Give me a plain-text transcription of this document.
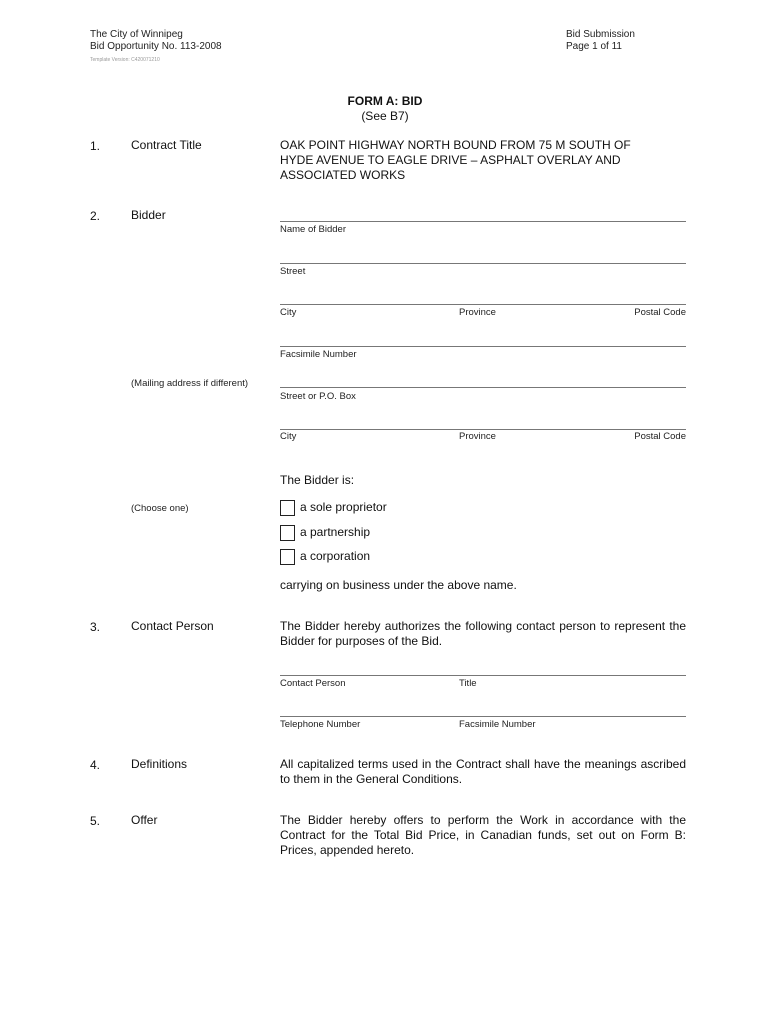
The City of Winnipeg
Bid Opportunity No. 113-2008
Template Version: C420071210
Bid Submission
Page 1 of 11
FORM A: BID
(See B7)
1.	Contract Title	OAK POINT HIGHWAY NORTH BOUND FROM 75 M SOUTH OF
HYDE AVENUE TO EAGLE DRIVE – ASPHALT OVERLAY AND
ASSOCIATED WORKS
2.	Bidder
Name of Bidder
Street
City	Province	Postal Code
Facsimile Number
(Mailing address if different)
Street or P.O. Box
City	Province	Postal Code
The Bidder is:
(Choose one)	a sole proprietor
a partnership
a corporation
carrying on business under the above name.
3.	Contact Person	The Bidder hereby authorizes the following contact person to represent the Bidder for purposes of the Bid.
Contact Person	Title
Telephone Number	Facsimile Number
4.	Definitions	All capitalized terms used in the Contract shall have the meanings ascribed to them in the General Conditions.
5.	Offer	The Bidder hereby offers to perform the Work in accordance with the Contract for the Total Bid Price, in Canadian funds, set out on Form B: Prices, appended hereto.
